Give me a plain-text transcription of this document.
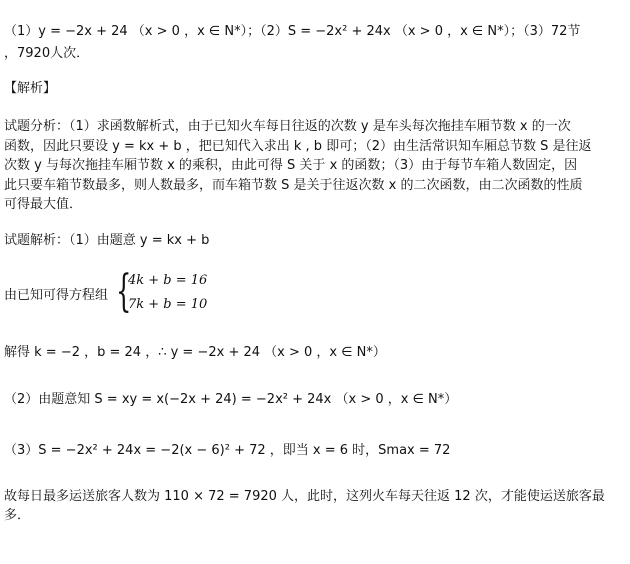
（1）y = −2x + 24 （x > 0 ，x ∈ N*）；（2）S = −2x² + 24x （x > 0 ，x ∈ N*）；（3）72节
，7920人次．
【解析】
试题分析：（1）求函数解析式，由于已知火车每日往返的次数 y 是车头每次拖挂车厢节数 x 的一次
函数，因此只要设 y = kx + b ，把已知代入求出 k , b 即可；（2）由生活常识知车厢总节数 S 是往返
次数 y 与每次拖挂车厢节数 x 的乘积，由此可得 S 关于 x 的函数；（3）由于每节车箱人数固定，因
此只要车箱节数最多，则人数最多，而车箱节数 S 是关于往返次数 x 的二次函数，由二次函数的性质
可得最大值．
试题解析：（1）由题意 y = kx + b
由已知可得方程组 {
4k + b = 16
7k + b = 10
解得 k = −2 ，b = 24 ，∴ y = −2x + 24 （x > 0 ，x ∈ N*）
（2）由题意知 S = xy = x(−2x + 24) = −2x² + 24x （x > 0 ，x ∈ N*）
（3）S = −2x² + 24x = −2(x − 6)² + 72 ，即当 x = 6 时，Smax = 72
故每日最多运送旅客人数为 110 × 72 = 7920 人，此时，这列火车每天往返 12 次，才能使运送旅客最
多．
